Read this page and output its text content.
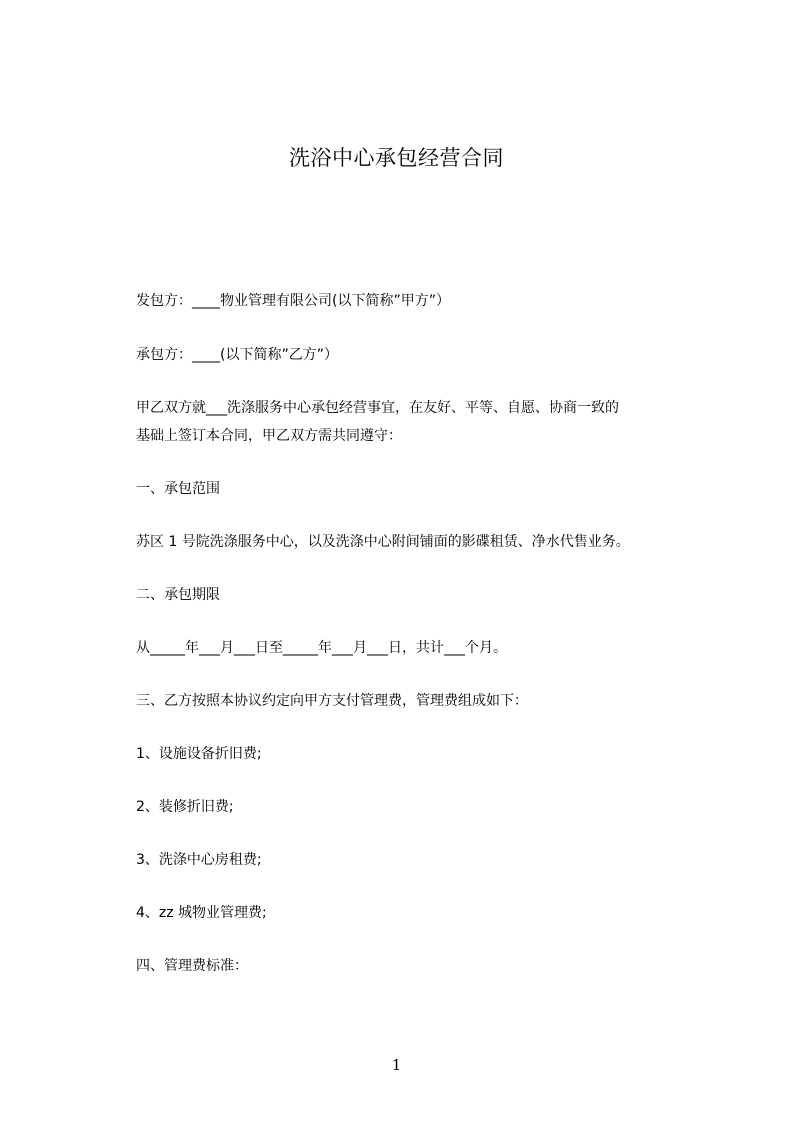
洗浴中心承包经营合同
发包方：____物业管理有限公司(以下简称”甲方”）
承包方：____(以下简称”乙方”）
甲乙双方就___洗涤服务中心承包经营事宜，在友好、平等、自愿、协商一致的
基础上签订本合同，甲乙双方需共同遵守：
一、承包范围
苏区 1 号院洗涤服务中心，以及洗涤中心附间铺面的影碟租赁、净水代售业务。
二、承包期限
从_____年___月___日至_____年___月___日，共计___个月。
三、乙方按照本协议约定向甲方支付管理费，管理费组成如下：
1、设施设备折旧费;
2、装修折旧费;
3、洗涤中心房租费;
4、zz 城物业管理费;
四、管理费标准：
1
